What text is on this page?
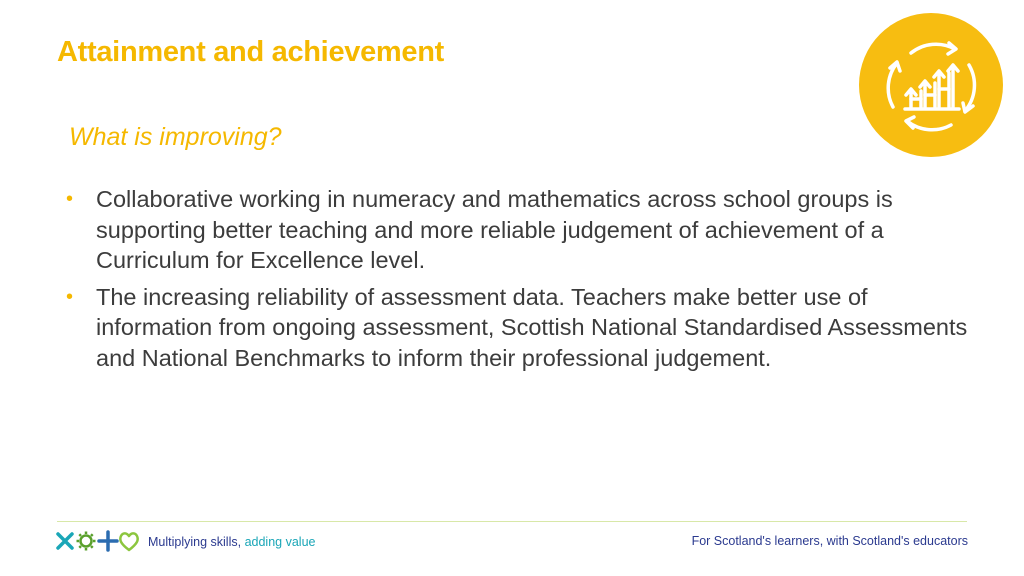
Attainment and achievement
What is improving?
• Collaborative working in numeracy and mathematics across school groups is supporting better teaching and more reliable judgement of achievement of a Curriculum for Excellence level.
• The increasing reliability of assessment data. Teachers make better use of information from ongoing assessment, Scottish National Standardised Assessments and National Benchmarks to inform their professional judgement.
Multiplying skills, adding value	For Scotland's learners, with Scotland's educators
